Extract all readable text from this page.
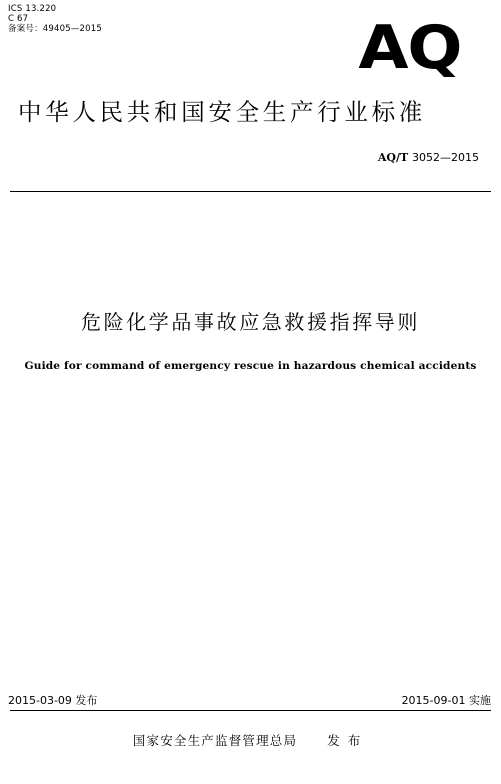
ICS 13.220
C 67
备案号：49405—2015	AQ
中华人民共和国安全生产行业标准
AQ/T 3052—2015
危险化学品事故应急救援指挥导则
Guide for command of emergency rescue in hazardous chemical accidents
2015-03-09 发布	2015-09-01 实施
国家安全生产监督管理总局 发布
